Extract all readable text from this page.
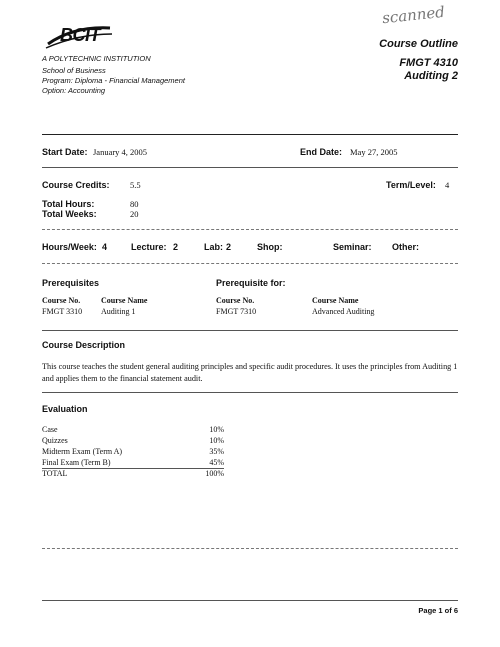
BCIT
scanned
A POLYTECHNIC INSTITUTION
School of Business
Program: Diploma - Financial Management
Option: Accounting
Course Outline
FMGT 4310
Auditing 2
Start Date: January 4, 2005	End Date: May 27, 2005
Course Credits: 5.5	Term/Level: 4
Total Hours:	80
Total Weeks:	20
Hours/Week: 4	Lecture: 2	Lab: 2	Shop:	Seminar: Other:
Prerequisites	Prerequisite for:
Course No.	Course Name
FMGT 3310 Auditing 1
Course No.	Course Name
FMGT 7310	Advanced Auditing
Course Description
This course teaches the student general auditing principles and specific audit procedures. It uses the principles from Auditing 1 and applies them to the financial statement audit.
Evaluation
Case	10%
Quizzes	10%
Midterm Exam (Term A)	35%
Final Exam (Term B)	45%
TOTAL	100%
Page 1 of 6
